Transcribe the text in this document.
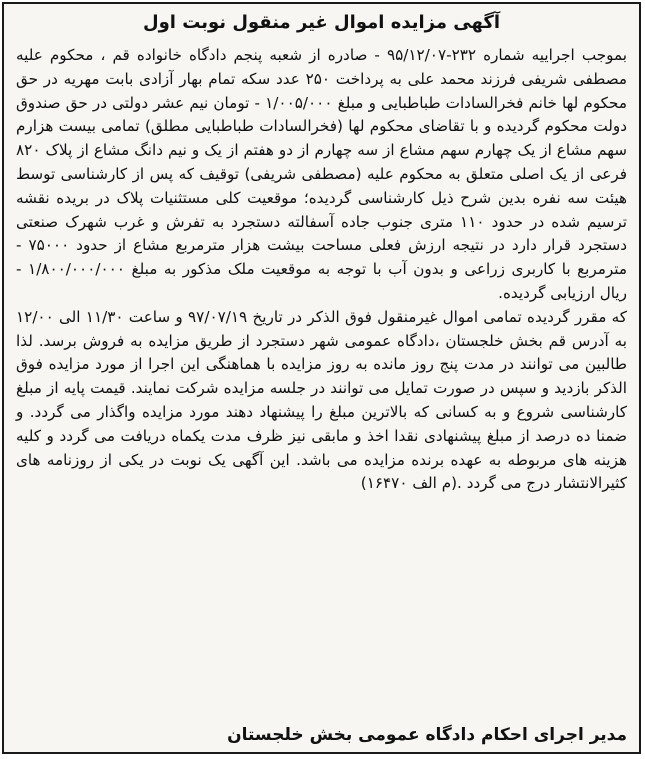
آگهی مزایده اموال غیر منقول نوبت اول

بموجب اجراییه شماره ۲۳۲-۹۵/۱۲/۰۷ - صادره از شعبه پنجم دادگاه خانواده قم ، محکوم علیه مصطفی شریفی فرزند محمد علی به پرداخت ۲۵۰ عدد سکه تمام بهار آزادی بابت مهریه در حق محکوم لها خانم فخرالسادات طباطبایی و مبلغ ۱/۰۰۵/۰۰۰ - تومان نیم عشر دولتی در حق صندوق دولت محکوم گردیده و با تقاضای محکوم لها (فخرالسادات طباطبایی مطلق) تمامی بیست هزارم سهم مشاع از یک چهارم سهم مشاع از سه چهارم از دو هفتم از یک و نیم دانگ مشاع از پلاک ۸۲۰ فرعی از یک اصلی متعلق به محکوم علیه (مصطفی شریفی) توقیف که پس از کارشناسی توسط هیئت سه نفره بدین شرح ذیل کارشناسی گردیده؛ موقعیت کلی مستثنیات پلاک در بریده نقشه ترسیم شده در حدود ۱۱۰ متری جنوب جاده آسفالته دستجرد به تفرش و غرب شهرک صنعتی دستجرد قرار دارد در نتیجه ارزش فعلی مساحت بیشت هزار مترمربع مشاع از حدود ۷۵۰۰۰ - مترمربع با کاربری زراعی و بدون آب با توجه به موقعیت ملک مذکور به مبلغ ۱/۸۰۰/۰۰۰/۰۰۰ - ریال ارزیابی گردیده.

که مقرر گردیده تمامی اموال غیرمنقول فوق الذکر در تاریخ ۹۷/۰۷/۱۹ و ساعت ۱۱/۳۰ الی ۱۲/۰۰ به آدرس قم بخش خلجستان ،دادگاه عمومی شهر دستجرد از طریق مزایده به فروش برسد. لذا طالبین می توانند در مدت پنج روز مانده به روز مزایده با هماهنگی این اجرا از مورد مزایده فوق الذکر بازدید و سپس در صورت تمایل می توانند در جلسه مزایده شرکت نمایند. قیمت پایه از مبلغ کارشناسی شروع و به کسانی که بالاترین مبلغ را پیشنهاد دهند مورد مزایده واگذار می گردد. و ضمنا ده درصد از مبلغ پیشنهادی نقدا اخذ و مابقی نیز ظرف مدت یکماه دریافت می گردد و کلیه هزینه های مربوطه به عهده برنده مزایده می باشد. این آگهی یک نوبت در یکی از روزنامه های کثیرالانتشار درج می گردد .(م الف ۱۶۴۷۰)

مدیر اجرای احکام دادگاه عمومی بخش خلجستان
